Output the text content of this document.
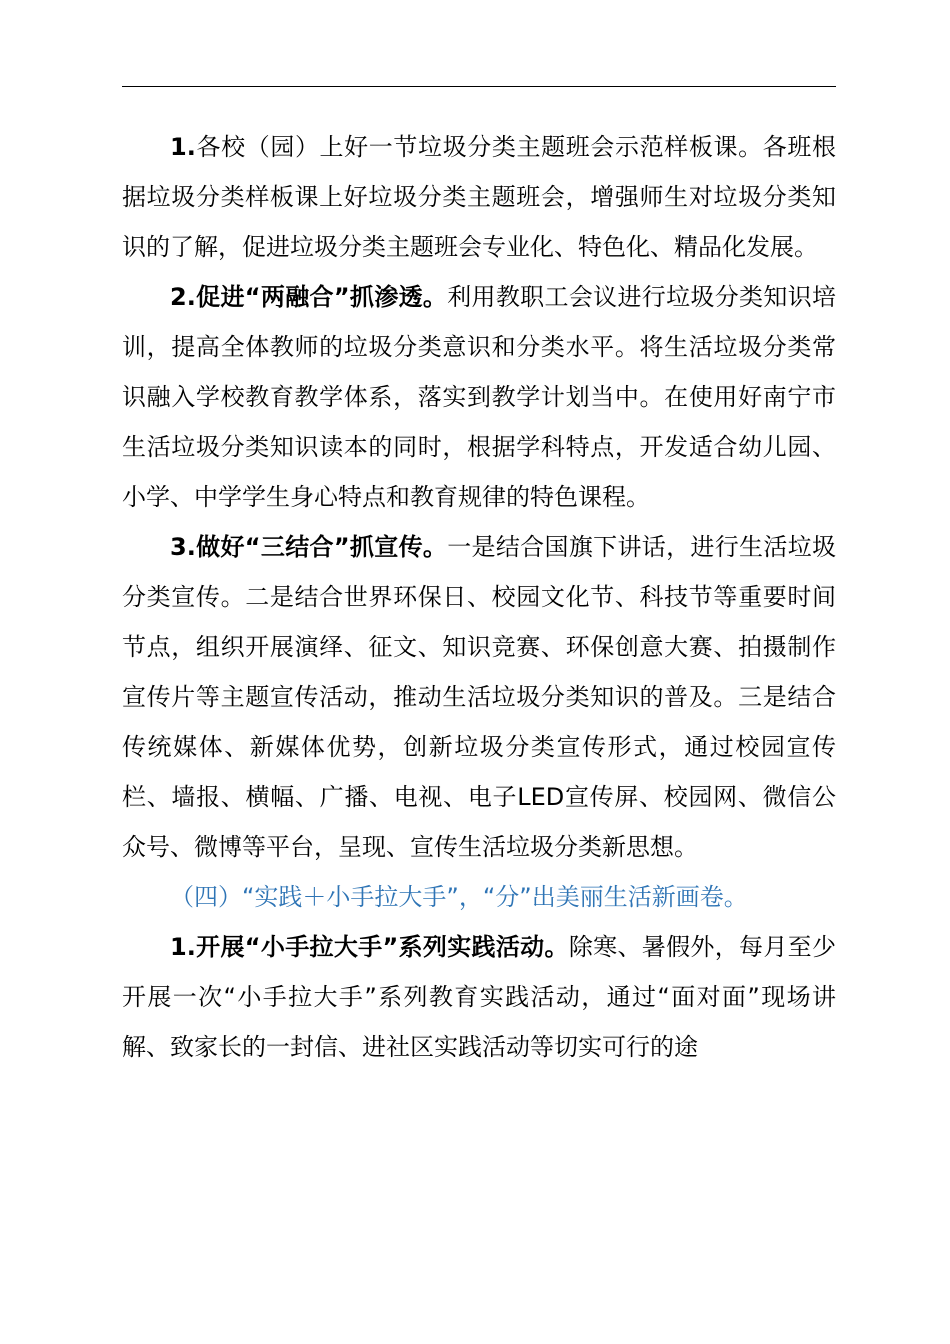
1.各校（园）上好一节垃圾分类主题班会示范样板课。各班根据垃圾分类样板课上好垃圾分类主题班会，增强师生对垃圾分类知识的了解，促进垃圾分类主题班会专业化、特色化、精品化发展。

2.促进“两融合”抓渗透。利用教职工会议进行垃圾分类知识培训，提高全体教师的垃圾分类意识和分类水平。将生活垃圾分类常识融入学校教育教学体系，落实到教学计划当中。在使用好南宁市生活垃圾分类知识读本的同时，根据学科特点，开发适合幼儿园、小学、中学学生身心特点和教育规律的特色课程。

3.做好“三结合”抓宣传。一是结合国旗下讲话，进行生活垃圾分类宣传。二是结合世界环保日、校园文化节、科技节等重要时间节点，组织开展演绎、征文、知识竞赛、环保创意大赛、拍摄制作宣传片等主题宣传活动，推动生活垃圾分类知识的普及。三是结合传统媒体、新媒体优势，创新垃圾分类宣传形式，通过校园宣传栏、墙报、横幅、广播、电视、电子LED宣传屏、校园网、微信公众号、微博等平台，呈现、宣传生活垃圾分类新思想。

（四）“实践＋小手拉大手”，“分”出美丽生活新画卷。

1.开展“小手拉大手”系列实践活动。除寒、暑假外，每月至少开展一次“小手拉大手”系列教育实践活动，通过“面对面”现场讲解、致家长的一封信、进社区实践活动等切实可行的途
